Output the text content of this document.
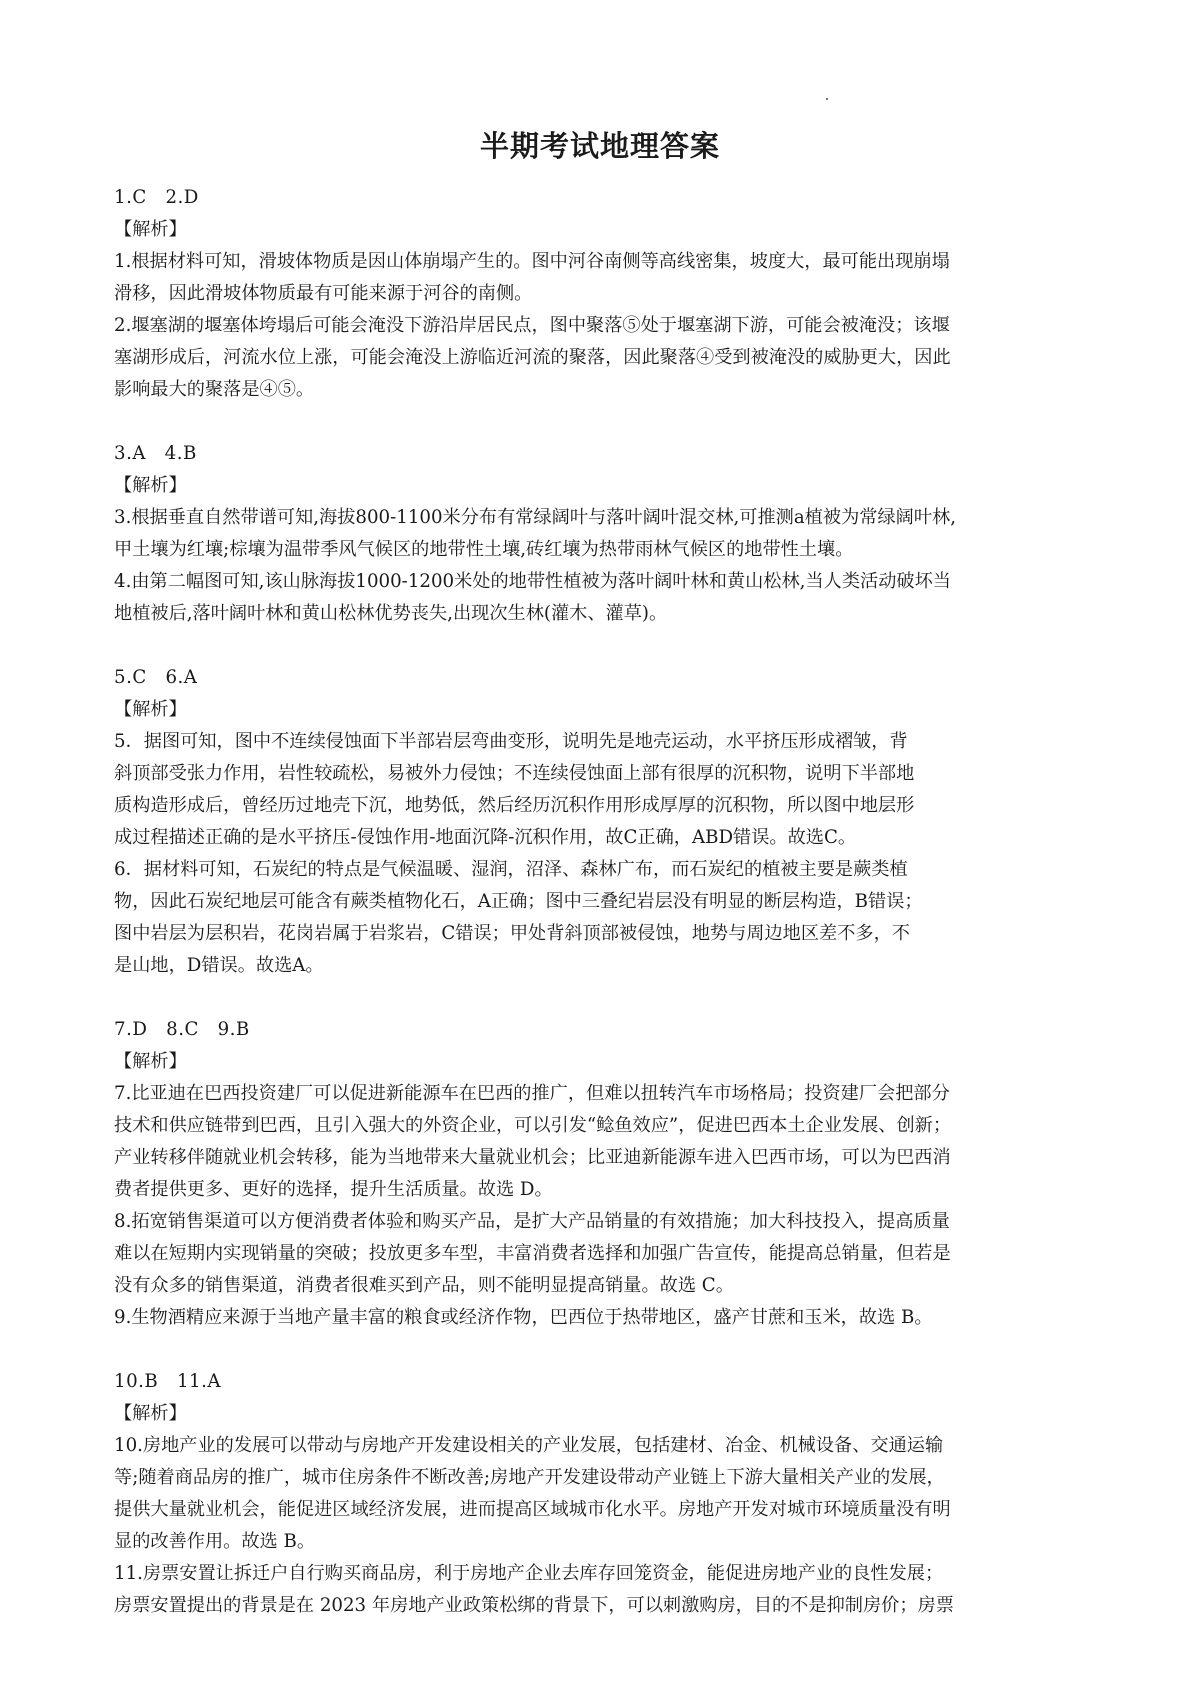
半期考试地理答案
1.C　2.D
【解析】
1.根据材料可知，滑坡体物质是因山体崩塌产生的。图中河谷南侧等高线密集，坡度大，最可能出现崩塌
滑移，因此滑坡体物质最有可能来源于河谷的南侧。
2.堰塞湖的堰塞体垮塌后可能会淹没下游沿岸居民点，图中聚落⑤处于堰塞湖下游，可能会被淹没；该堰
塞湖形成后，河流水位上涨，可能会淹没上游临近河流的聚落，因此聚落④受到被淹没的威胁更大，因此
影响最大的聚落是④⑤。
3.A　4.B
【解析】
3.根据垂直自然带谱可知,海拔800-1100米分布有常绿阔叶与落叶阔叶混交林,可推测a植被为常绿阔叶林,
甲土壤为红壤;棕壤为温带季风气候区的地带性土壤,砖红壤为热带雨林气候区的地带性土壤。
4.由第二幅图可知,该山脉海拔1000-1200米处的地带性植被为落叶阔叶林和黄山松林,当人类活动破坏当
地植被后,落叶阔叶林和黄山松林优势丧失,出现次生林(灌木、灌草)。
5.C　6.A
【解析】
5．据图可知，图中不连续侵蚀面下半部岩层弯曲变形，说明先是地壳运动，水平挤压形成褶皱，背
斜顶部受张力作用，岩性较疏松，易被外力侵蚀；不连续侵蚀面上部有很厚的沉积物，说明下半部地
质构造形成后，曾经历过地壳下沉，地势低，然后经历沉积作用形成厚厚的沉积物，所以图中地层形
成过程描述正确的是水平挤压-侵蚀作用-地面沉降-沉积作用，故C正确，ABD错误。故选C。
6．据材料可知，石炭纪的特点是气候温暖、湿润，沼泽、森林广布，而石炭纪的植被主要是蕨类植
物，因此石炭纪地层可能含有蕨类植物化石，A正确；图中三叠纪岩层没有明显的断层构造，B错误；
图中岩层为层积岩，花岗岩属于岩浆岩，C错误；甲处背斜顶部被侵蚀，地势与周边地区差不多，不
是山地，D错误。故选A。
7.D　8.C　9.B
【解析】
7.比亚迪在巴西投资建厂可以促进新能源车在巴西的推广，但难以扭转汽车市场格局；投资建厂会把部分
技术和供应链带到巴西，且引入强大的外资企业，可以引发“鲶鱼效应”，促进巴西本土企业发展、创新；
产业转移伴随就业机会转移，能为当地带来大量就业机会；比亚迪新能源车进入巴西市场，可以为巴西消
费者提供更多、更好的选择，提升生活质量。故选 D。
8.拓宽销售渠道可以方便消费者体验和购买产品，是扩大产品销量的有效措施；加大科技投入，提高质量
难以在短期内实现销量的突破；投放更多车型，丰富消费者选择和加强广告宣传，能提高总销量，但若是
没有众多的销售渠道，消费者很难买到产品，则不能明显提高销量。故选 C。
9.生物酒精应来源于当地产量丰富的粮食或经济作物，巴西位于热带地区，盛产甘蔗和玉米，故选 B。
10.B　11.A
【解析】
10.房地产业的发展可以带动与房地产开发建设相关的产业发展，包括建材、冶金、机械设备、交通运输
等;随着商品房的推广，城市住房条件不断改善;房地产开发建设带动产业链上下游大量相关产业的发展，
提供大量就业机会，能促进区域经济发展，进而提高区域城市化水平。房地产开发对城市环境质量没有明
显的改善作用。故选 B。
11.房票安置让拆迁户自行购买商品房，利于房地产企业去库存回笼资金，能促进房地产业的良性发展；
房票安置提出的背景是在 2023 年房地产业政策松绑的背景下，可以刺激购房，目的不是抑制房价；房票
